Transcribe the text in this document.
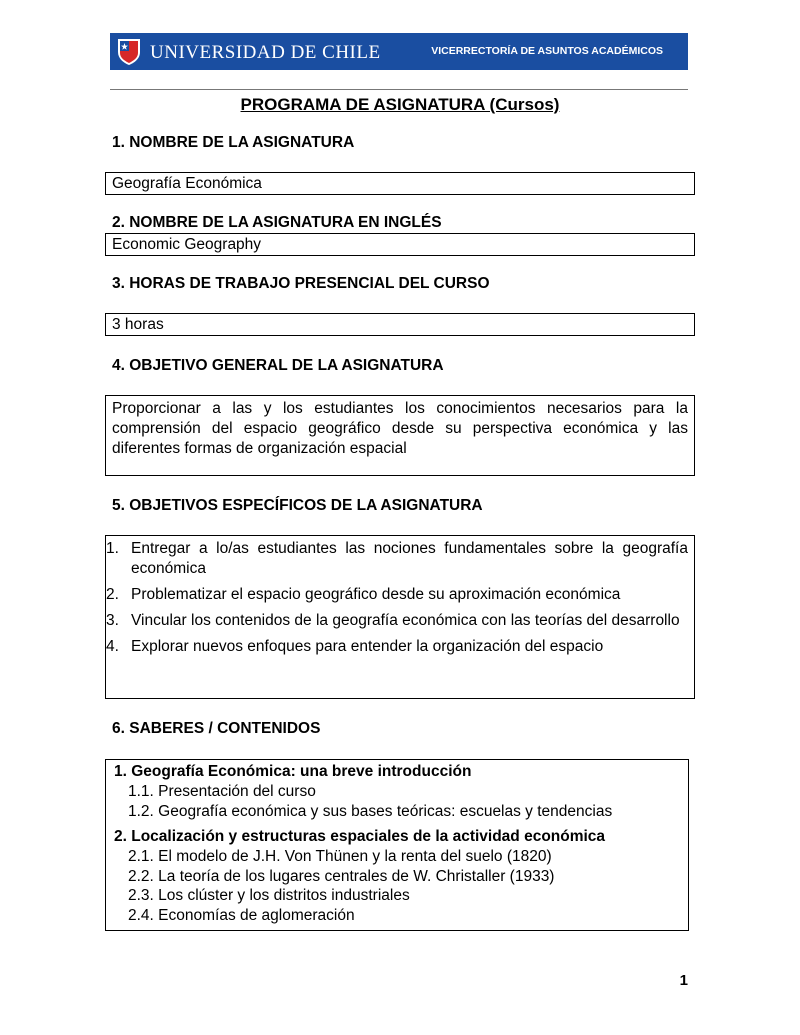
UNIVERSIDAD DE CHILE	VICERRECTORÍA DE ASUNTOS ACADÉMICOS
PROGRAMA DE ASIGNATURA (Cursos)
1. NOMBRE DE LA ASIGNATURA
Geografía Económica
2. NOMBRE DE LA ASIGNATURA EN INGLÉS
Economic Geography
3. HORAS DE TRABAJO PRESENCIAL DEL CURSO
3 horas
4. OBJETIVO GENERAL DE LA ASIGNATURA
Proporcionar a las y los estudiantes los conocimientos necesarios para la comprensión del espacio geográfico desde su perspectiva económica y las diferentes formas de organización espacial
5. OBJETIVOS ESPECÍFICOS DE LA ASIGNATURA
1. Entregar a lo/as estudiantes las nociones fundamentales sobre la geografía económica
2. Problematizar el espacio geográfico desde su aproximación económica
3. Vincular los contenidos de la geografía económica con las teorías del desarrollo
4. Explorar nuevos enfoques para entender la organización del espacio
6. SABERES / CONTENIDOS
1. Geografía Económica: una breve introducción
1.1. Presentación del curso
1.2. Geografía económica y sus bases teóricas: escuelas y tendencias
2. Localización y estructuras espaciales de la actividad económica
2.1. El modelo de J.H. Von Thünen y la renta del suelo (1820)
2.2. La teoría de los lugares centrales de W. Christaller (1933)
2.3. Los clúster y los distritos industriales
2.4. Economías de aglomeración
1
